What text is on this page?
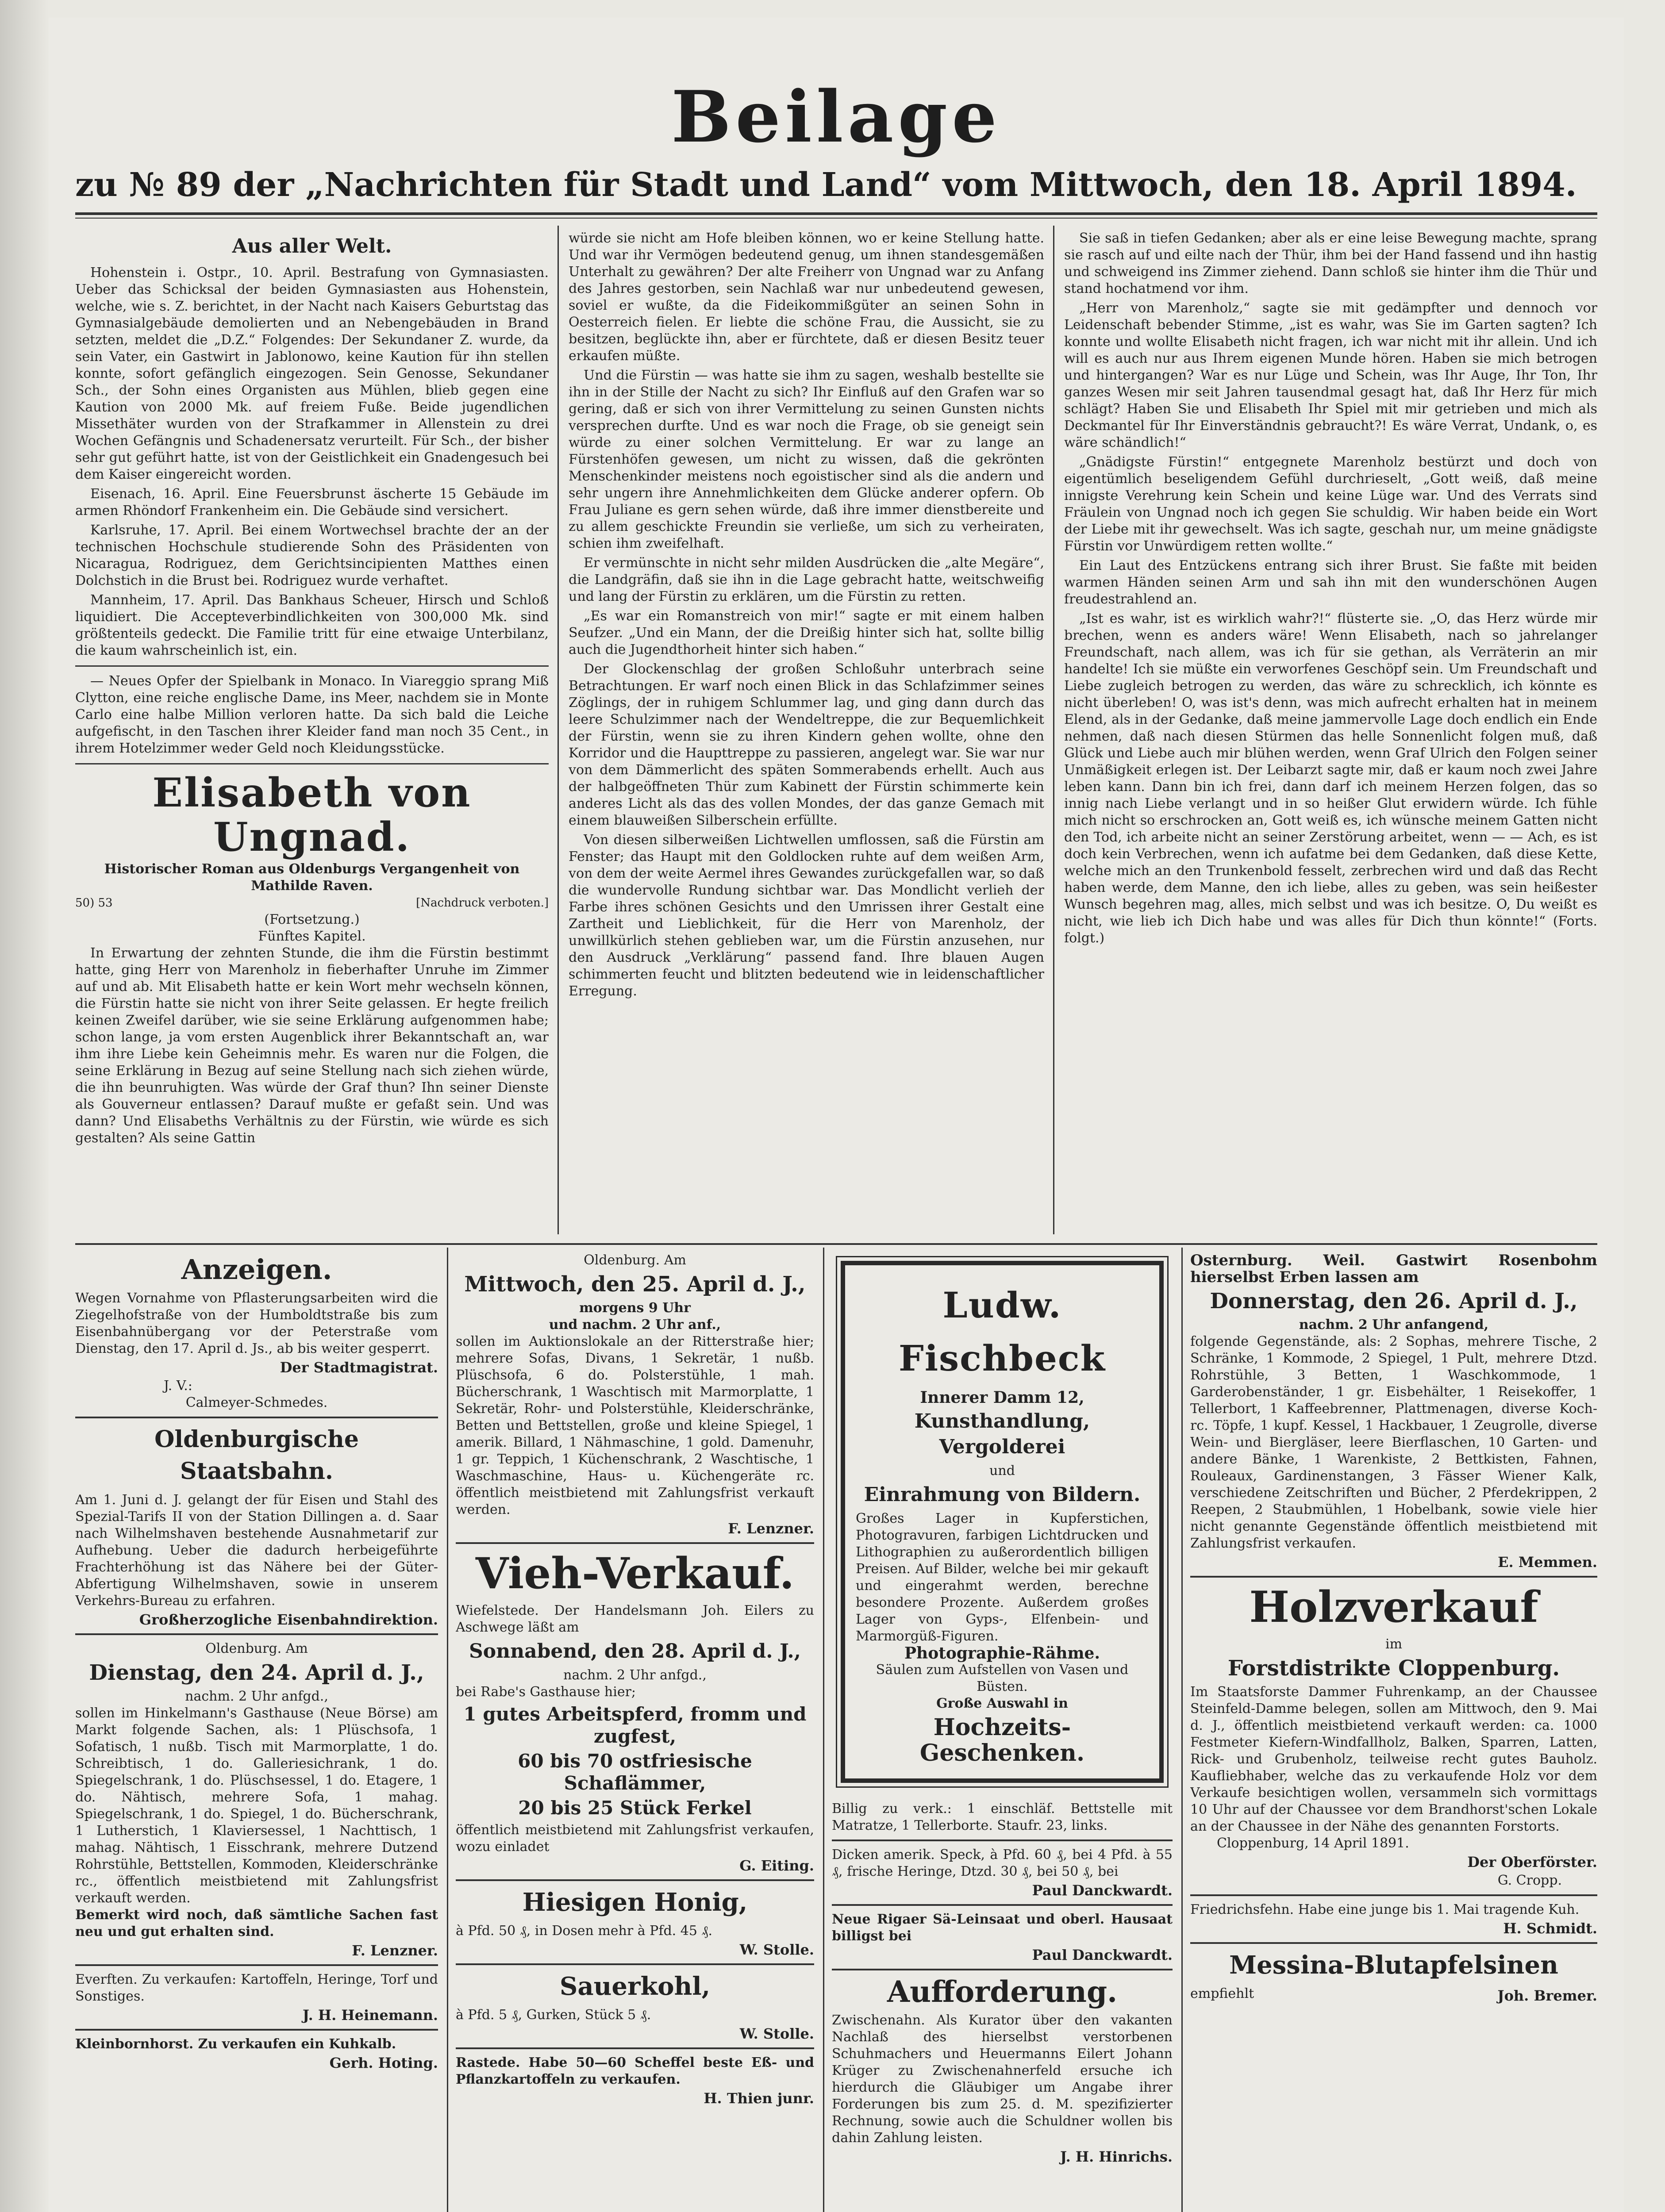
Beilage
zu № 89 der „Nachrichten für Stadt und Land“ vom Mittwoch, den 18. April 1894.
Aus aller Welt.

Hohenstein i. Ostpr., 10. April. Bestrafung von Gymnasiasten. Ueber das Schicksal der beiden Gymnasiasten aus Hohenstein, welche, wie s. Z. berichtet, in der Nacht nach Kaisers Geburtstag das Gymnasialgebäude demolierten und an Nebengebäuden in Brand setzten, meldet die „D.Z.“ Folgendes: Der Sekundaner Z. wurde, da sein Vater, ein Gastwirt in Jablonowo, keine Kaution für ihn stellen konnte, sofort gefänglich eingezogen. Sein Genosse, Sekundaner Sch., der Sohn eines Organisten aus Mühlen, blieb gegen eine Kaution von 2000 Mk. auf freiem Fuße. Beide jugendlichen Missethäter wurden von der Strafkammer in Allenstein zu drei Wochen Gefängnis und Schadenersatz verurteilt. Für Sch., der bisher sehr gut geführt hatte, ist von der Geistlichkeit ein Gnadengesuch bei dem Kaiser eingereicht worden.

Eisenach, 16. April. Eine Feuersbrunst äscherte 15 Gebäude im armen Rhöndorf Frankenheim ein. Die Gebäude sind versichert.

Karlsruhe, 17. April. Bei einem Wortwechsel brachte der an der technischen Hochschule studierende Sohn des Präsidenten von Nicaragua, Rodriguez, dem Gerichtsincipienten Matthes einen Dolchstich in die Brust bei. Rodriguez wurde verhaftet.

Mannheim, 17. April. Das Bankhaus Scheuer, Hirsch und Schloß liquidiert. Die Accepteverbindlichkeiten von 300,000 Mk. sind größtenteils gedeckt. Die Familie tritt für eine etwaige Unterbilanz, die kaum wahrscheinlich ist, ein.

— Neues Opfer der Spielbank in Monaco. In Viareggio sprang Miß Clytton, eine reiche englische Dame, ins Meer, nachdem sie in Monte Carlo eine halbe Million verloren hatte. Da sich bald die Leiche aufgefischt, in den Taschen ihrer Kleider fand man noch 35 Cent., in ihrem Hotelzimmer weder Geld noch Kleidungsstücke.

Elisabeth von Ungnad.
Historischer Roman aus Oldenburgs Vergangenheit von Mathilde Raven.
50) 53	[Nachdruck verboten.]
(Fortsetzung.)
Fünftes Kapitel.

In Erwartung der zehnten Stunde, die ihm die Fürstin bestimmt hatte, ging Herr von Marenholz in fieberhafter Unruhe im Zimmer auf und ab. Mit Elisabeth hatte er kein Wort mehr wechseln können, die Fürstin hatte sie nicht von ihrer Seite gelassen. Er hegte freilich keinen Zweifel darüber, wie sie seine Erklärung aufgenommen habe; schon lange, ja vom ersten Augenblick ihrer Bekanntschaft an, war ihm ihre Liebe kein Geheimnis mehr. Es waren nur die Folgen, die seine Erklärung in Bezug auf seine Stellung nach sich ziehen würde, die ihn beunruhigten. Was würde der Graf thun? Ihn seiner Dienste als Gouverneur entlassen? Darauf mußte er gefaßt sein. Und was dann? Und Elisabeths Verhältnis zu der Fürstin, wie würde es sich gestalten? Als seine Gattin

würde sie nicht am Hofe bleiben können, wo er keine Stellung hatte. Und war ihr Vermögen bedeutend genug, um ihnen standesgemäßen Unterhalt zu gewähren? Der alte Freiherr von Ungnad war zu Anfang des Jahres gestorben, sein Nachlaß war nur unbedeutend gewesen, soviel er wußte, da die Fideikommißgüter an seinen Sohn in Oesterreich fielen. Er liebte die schöne Frau, die Aussicht, sie zu besitzen, beglückte ihn, aber er fürchtete, daß er diesen Besitz teuer erkaufen müßte.

Und die Fürstin — was hatte sie ihm zu sagen, weshalb bestellte sie ihn in der Stille der Nacht zu sich? Ihr Einfluß auf den Grafen war so gering, daß er sich von ihrer Vermittelung zu seinen Gunsten nichts versprechen durfte. Und es war noch die Frage, ob sie geneigt sein würde zu einer solchen Vermittelung. Er war zu lange an Fürstenhöfen gewesen, um nicht zu wissen, daß die gekrönten Menschenkinder meistens noch egoistischer sind als die andern und sehr ungern ihre Annehmlichkeiten dem Glücke anderer opfern. Ob Frau Juliane es gern sehen würde, daß ihre immer dienstbereite und zu allem geschickte Freundin sie verließe, um sich zu verheiraten, schien ihm zweifelhaft.

Er vermünschte in nicht sehr milden Ausdrücken die „alte Megäre“, die Landgräfin, daß sie ihn in die Lage gebracht hatte, weitschweifig und lang der Fürstin zu erklären, um die Fürstin zu retten.

„Es war ein Romanstreich von mir!“ sagte er mit einem halben Seufzer. „Und ein Mann, der die Dreißig hinter sich hat, sollte billig auch die Jugendthorheit hinter sich haben.“

Der Glockenschlag der großen Schloßuhr unterbrach seine Betrachtungen. Er warf noch einen Blick in das Schlafzimmer seines Zöglings, der in ruhigem Schlummer lag, und ging dann durch das leere Schulzimmer nach der Wendeltreppe, die zur Bequemlichkeit der Fürstin, wenn sie zu ihren Kindern gehen wollte, ohne den Korridor und die Haupttreppe zu passieren, angelegt war. Sie war nur von dem Dämmerlicht des späten Sommerabends erhellt. Auch aus der halbgeöffneten Thür zum Kabinett der Fürstin schimmerte kein anderes Licht als das des vollen Mondes, der das ganze Gemach mit einem blauweißen Silberschein erfüllte.

Von diesen silberweißen Lichtwellen umflossen, saß die Fürstin am Fenster; das Haupt mit den Goldlocken ruhte auf dem weißen Arm, von dem der weite Aermel ihres Gewandes zurückgefallen war, so daß die wundervolle Rundung sichtbar war. Das Mondlicht verlieh der Farbe ihres schönen Gesichts und den Umrissen ihrer Gestalt eine Zartheit und Lieblichkeit, für die Herr von Marenholz, der unwillkürlich stehen geblieben war, um die Fürstin anzusehen, nur den Ausdruck „Verklärung“ passend fand. Ihre blauen Augen schimmerten feucht und blitzten bedeutend wie in leidenschaftlicher Erregung.

Sie saß in tiefen Gedanken; aber als er eine leise Bewegung machte, sprang sie rasch auf und eilte nach der Thür, ihm bei der Hand fassend und ihn hastig und schweigend ins Zimmer ziehend. Dann schloß sie hinter ihm die Thür und stand hochatmend vor ihm.

„Herr von Marenholz,“ sagte sie mit gedämpfter und dennoch vor Leidenschaft bebender Stimme, „ist es wahr, was Sie im Garten sagten? Ich konnte und wollte Elisabeth nicht fragen, ich war nicht mit ihr allein. Und ich will es auch nur aus Ihrem eigenen Munde hören. Haben sie mich betrogen und hintergangen? War es nur Lüge und Schein, was Ihr Auge, Ihr Ton, Ihr ganzes Wesen mir seit Jahren tausendmal gesagt hat, daß Ihr Herz für mich schlägt? Haben Sie und Elisabeth Ihr Spiel mit mir getrieben und mich als Deckmantel für Ihr Einverständnis gebraucht?! Es wäre Verrat, Undank, o, es wäre schändlich!“

„Gnädigste Fürstin!“ entgegnete Marenholz bestürzt und doch von eigentümlich beseligendem Gefühl durchrieselt, „Gott weiß, daß meine innigste Verehrung kein Schein und keine Lüge war. Und des Verrats sind Fräulein von Ungnad noch ich gegen Sie schuldig. Wir haben beide ein Wort der Liebe mit ihr gewechselt. Was ich sagte, geschah nur, um meine gnädigste Fürstin vor Unwürdigem retten wollte.“

Ein Laut des Entzückens entrang sich ihrer Brust. Sie faßte mit beiden warmen Händen seinen Arm und sah ihn mit den wunderschönen Augen freudestrahlend an.

„Ist es wahr, ist es wirklich wahr?!“ flüsterte sie. „O, das Herz würde mir brechen, wenn es anders wäre! Wenn Elisabeth, nach so jahrelanger Freundschaft, nach allem, was ich für sie gethan, als Verräterin an mir handelte! Ich sie müßte ein verworfenes Geschöpf sein. Um Freundschaft und Liebe zugleich betrogen zu werden, das wäre zu schrecklich, ich könnte es nicht überleben! O, was ist's denn, was mich aufrecht erhalten hat in meinem Elend, als in der Gedanke, daß meine jammervolle Lage doch endlich ein Ende nehmen, daß nach diesen Stürmen das helle Sonnenlicht folgen muß, daß Glück und Liebe auch mir blühen werden, wenn Graf Ulrich den Folgen seiner Unmäßigkeit erlegen ist. Der Leibarzt sagte mir, daß er kaum noch zwei Jahre leben kann. Dann bin ich frei, dann darf ich meinem Herzen folgen, das so innig nach Liebe verlangt und in so heißer Glut erwidern würde. Ich fühle mich nicht so erschrocken an, Gott weiß es, ich wünsche meinem Gatten nicht den Tod, ich arbeite nicht an seiner Zerstörung arbeitet, wenn — — Ach, es ist doch kein Verbrechen, wenn ich aufatme bei dem Gedanken, daß diese Kette, welche mich an den Trunkenbold fesselt, zerbrechen wird und daß das Recht haben werde, dem Manne, den ich liebe, alles zu geben, was sein heißester Wunsch begehren mag, alles, mich selbst und was ich besitze. O, Du weißt es nicht, wie lieb ich Dich habe und was alles für Dich thun könnte!“ (Forts. folgt.)

Anzeigen.

Wegen Vornahme von Pflasterungsarbeiten wird die Ziegelhofstraße von der Humboldtstraße bis zum Eisenbahnübergang vor der Peterstraße vom Dienstag, den 17. April d. Js., ab bis weiter gesperrt.

Der Stadtmagistrat.
J. V.:
Calmeyer-Schmedes.
Oldenburgische Staatsbahn.

Am 1. Juni d. J. gelangt der für Eisen und Stahl des Spezial-Tarifs II von der Station Dillingen a. d. Saar nach Wilhelmshaven bestehende Ausnahmetarif zur Aufhebung. Ueber die dadurch herbeigeführte Frachterhöhung ist das Nähere bei der Güter-Abfertigung Wilhelmshaven, sowie in unserem Verkehrs-Bureau zu erfahren.

Großherzogliche Eisenbahndirektion.
Oldenburg. Am
Dienstag, den 24. April d. J.,
nachm. 2 Uhr anfgd.,

sollen im Hinkelmann's Gasthause (Neue Börse) am Markt folgende Sachen, als: 1 Plüschsofa, 1 Sofatisch, 1 nußb. Tisch mit Marmorplatte, 1 do. Schreibtisch, 1 do. Galleriesichrank, 1 do. Spiegelschrank, 1 do. Plüschsessel, 1 do. Etagere, 1 do. Nähtisch, mehrere Sofa, 1 mahag. Spiegelschrank, 1 do. Spiegel, 1 do. Bücherschrank, 1 Lutherstich, 1 Klaviersessel, 1 Nachttisch, 1 mahag. Nähtisch, 1 Eisschrank, mehrere Dutzend Rohrstühle, Bettstellen, Kommoden, Kleiderschränke rc., öffentlich meistbietend mit Zahlungsfrist verkauft werden.

Bemerkt wird noch, daß sämtliche Sachen fast neu und gut erhalten sind.

F. Lenzner.

Everften. Zu verkaufen: Kartoffeln, Heringe, Torf und Sonstiges.

J. H. Heinemann.

Kleinbornhorst. Zu verkaufen ein Kuhkalb.

Gerh. Hoting.
Oldenburg. Am
Mittwoch, den 25. April d. J.,
morgens 9 Uhr
und nachm. 2 Uhr anf.,

sollen im Auktionslokale an der Ritterstraße hier; mehrere Sofas, Divans, 1 Sekretär, 1 nußb. Plüschsofa, 6 do. Polsterstühle, 1 mah. Bücherschrank, 1 Waschtisch mit Marmorplatte, 1 Sekretär, Rohr- und Polsterstühle, Kleiderschränke, Betten und Bettstellen, große und kleine Spiegel, 1 amerik. Billard, 1 Nähmaschine, 1 gold. Damenuhr, 1 gr. Teppich, 1 Küchenschrank, 2 Waschtische, 1 Waschmaschine, Haus- u. Küchengeräte rc. öffentlich meistbietend mit Zahlungsfrist verkauft werden.

F. Lenzner.
Vieh-Verkauf.

Wiefelstede. Der Handelsmann Joh. Eilers zu Aschwege läßt am

Sonnabend, den 28. April d. J.,
nachm. 2 Uhr anfgd.,

bei Rabe's Gasthause hier;

1 gutes Arbeitspferd, fromm und zugfest,
60 bis 70 ostfriesische Schaflämmer,
20 bis 25 Stück Ferkel

öffentlich meistbietend mit Zahlungsfrist verkaufen, wozu einladet

G. Eiting.
Hiesigen Honig,

à Pfd. 50 ₰, in Dosen mehr à Pfd. 45 ₰.

W. Stolle.
Sauerkohl,

à Pfd. 5 ₰, Gurken, Stück 5 ₰.

W. Stolle.

Rastede. Habe 50—60 Scheffel beste Eß- und Pflanzkartoffeln zu verkaufen.

H. Thien junr.
Ludw. Fischbeck
Innerer Damm 12,
Kunsthandlung, Vergolderei
und
Einrahmung von Bildern.

Großes Lager in Kupferstichen, Photogravuren, farbigen Lichtdrucken und Lithographien zu außerordentlich billigen Preisen. Auf Bilder, welche bei mir gekauft und eingerahmt werden, berechne besondere Prozente. Außerdem großes Lager von Gyps-, Elfenbein- und Marmorgüß-Figuren.

Photographie-Rähme.
Säulen zum Aufstellen von Vasen und Büsten.
Große Auswahl in
Hochzeits-Geschenken.

Billig zu verk.: 1 einschläf. Bettstelle mit Matratze, 1 Tellerborte. Staufr. 23, links.

Dicken amerik. Speck, à Pfd. 60 ₰, bei 4 Pfd. à 55 ₰, frische Heringe, Dtzd. 30 ₰, bei 50 ₰, bei

Paul Danckwardt.

Neue Rigaer Sä-Leinsaat und oberl. Hausaat billigst bei

Paul Danckwardt.
Aufforderung.

Zwischenahn. Als Kurator über den vakanten Nachlaß des hierselbst verstorbenen Schuhmachers und Heuermanns Eilert Johann Krüger zu Zwischenahnerfeld ersuche ich hierdurch die Gläubiger um Angabe ihrer Forderungen bis zum 25. d. M. spezifizierter Rechnung, sowie auch die Schuldner wollen bis dahin Zahlung leisten.

J. H. Hinrichs.

Osternburg. Weil. Gastwirt Rosenbohm hierselbst Erben lassen am

Donnerstag, den 26. April d. J.,
nachm. 2 Uhr anfangend,

folgende Gegenstände, als: 2 Sophas, mehrere Tische, 2 Schränke, 1 Kommode, 2 Spiegel, 1 Pult, mehrere Dtzd. Rohrstühle, 3 Betten, 1 Waschkommode, 1 Garderobenständer, 1 gr. Eisbehälter, 1 Reisekoffer, 1 Tellerbort, 1 Kaffeebrenner, Plattmenagen, diverse Koch- rc. Töpfe, 1 kupf. Kessel, 1 Hackbauer, 1 Zeugrolle, diverse Wein- und Biergläser, leere Bierflaschen, 10 Garten- und andere Bänke, 1 Warenkiste, 2 Bettkisten, Fahnen, Rouleaux, Gardinenstangen, 3 Fässer Wiener Kalk, verschiedene Zeitschriften und Bücher, 2 Pferdekrippen, 2 Reepen, 2 Staubmühlen, 1 Hobelbank, sowie viele hier nicht genannte Gegenstände öffentlich meistbietend mit Zahlungsfrist verkaufen.

E. Memmen.
Holzverkauf
im
Forstdistrikte Cloppenburg.

Im Staatsforste Dammer Fuhrenkamp, an der Chaussee Steinfeld-Damme belegen, sollen am Mittwoch, den 9. Mai d. J., öffentlich meistbietend verkauft werden: ca. 1000 Festmeter Kiefern-Windfallholz, Balken, Sparren, Latten, Rick- und Grubenholz, teilweise recht gutes Bauholz. Kaufliebhaber, welche das zu verkaufende Holz vor dem Verkaufe besichtigen wollen, versammeln sich vormittags 10 Uhr auf der Chaussee vor dem Brandhorst'schen Lokale an der Chaussee in der Nähe des genannten Forstorts.

Cloppenburg, 14 April 1891.
Der Oberförster.
G. Cropp.

Friedrichsfehn. Habe eine junge bis 1. Mai tragende Kuh.

H. Schmidt.
Messina-Blutapfelsinen
empfiehlt	Joh. Bremer.
